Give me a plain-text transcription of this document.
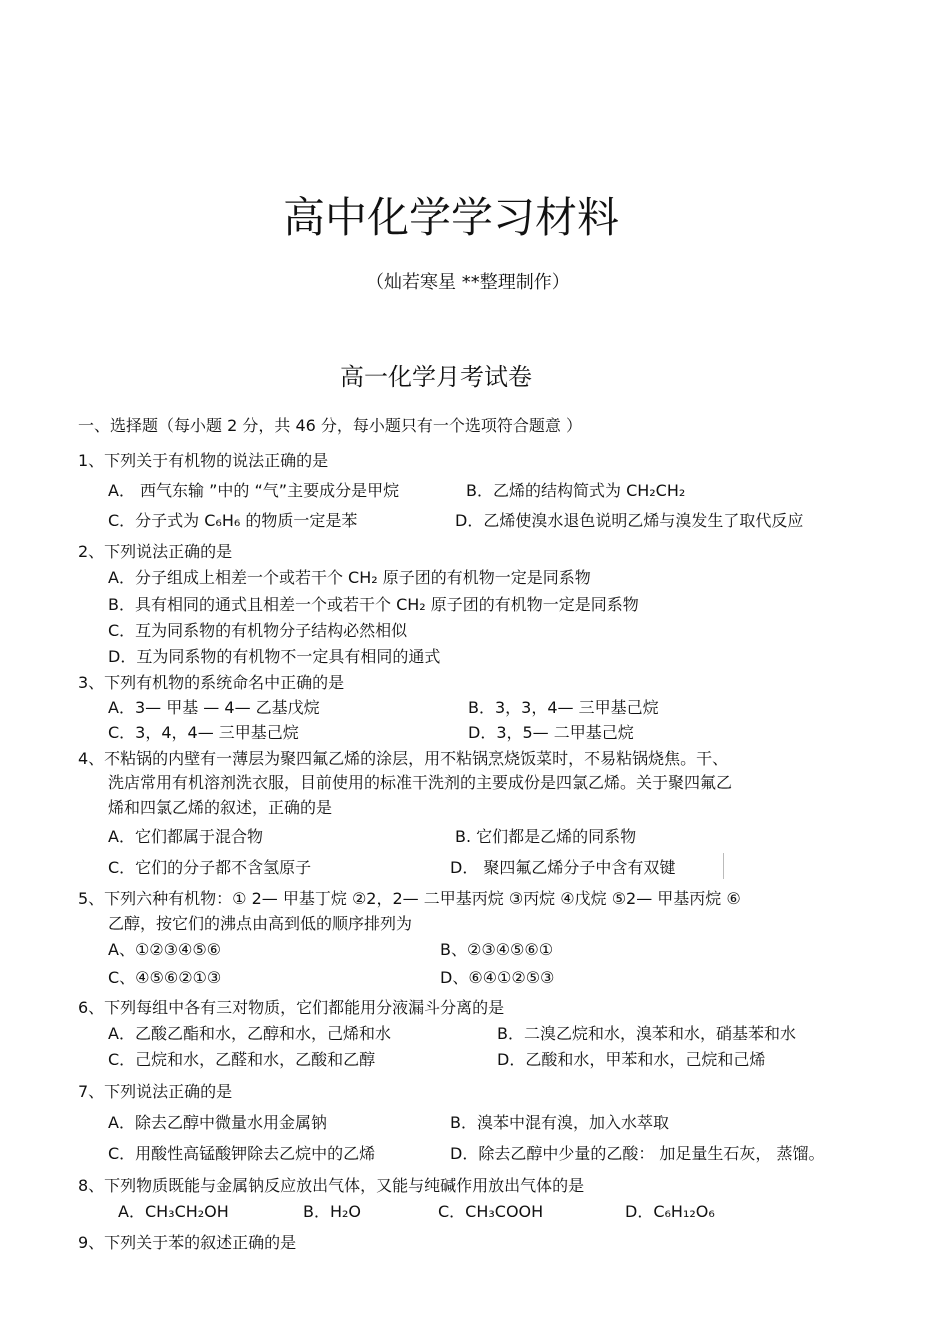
高中化学学习材料
（灿若寒星 **整理制作）
高一化学月考试卷
一、选择题（每小题 2 分，共 46 分，每小题只有一个选项符合题意 ）
1、下列关于有机物的说法正确的是
A． 西气东输 ”中的 “气”主要成分是甲烷	B．乙烯的结构简式为 CH₂CH₂
C．分子式为 C₆H₆ 的物质一定是苯	D．乙烯使溴水退色说明乙烯与溴发生了取代反应
2、下列说法正确的是
A．分子组成上相差一个或若干个 CH₂ 原子团的有机物一定是同系物
B．具有相同的通式且相差一个或若干个 CH₂ 原子团的有机物一定是同系物
C．互为同系物的有机物分子结构必然相似
D．互为同系物的有机物不一定具有相同的通式
3、下列有机物的系统命名中正确的是
A．3— 甲基 — 4— 乙基戊烷	B．3，3，4— 三甲基己烷
C．3，4，4— 三甲基己烷	D．3，5— 二甲基己烷
4、不粘锅的内壁有一薄层为聚四氟乙烯的涂层，用不粘锅烹烧饭菜时，不易粘锅烧焦。干、
洗店常用有机溶剂洗衣服，目前使用的标准干洗剂的主要成份是四氯乙烯。关于聚四氟乙
烯和四氯乙烯的叙述，正确的是
A．它们都属于混合物	B. 它们都是乙烯的同系物
C．它们的分子都不含氢原子	D． 聚四氟乙烯分子中含有双键
5、下列六种有机物：① 2— 甲基丁烷 ②2，2— 二甲基丙烷 ③丙烷 ④戊烷 ⑤2— 甲基丙烷 ⑥
乙醇，按它们的沸点由高到低的顺序排列为
A、①②③④⑤⑥	B、②③④⑤⑥①
C、④⑤⑥②①③	D、⑥④①②⑤③
6、下列每组中各有三对物质，它们都能用分液漏斗分离的是
A．乙酸乙酯和水，乙醇和水，己烯和水	B．二溴乙烷和水，溴苯和水，硝基苯和水
C．己烷和水，乙醛和水，乙酸和乙醇	D．乙酸和水，甲苯和水，己烷和己烯
7、下列说法正确的是
A．除去乙醇中微量水用金属钠	B．溴苯中混有溴，加入水萃取
C．用酸性高锰酸钾除去乙烷中的乙烯	D．除去乙醇中少量的乙酸： 加足量生石灰， 蒸馏。
8、下列物质既能与金属钠反应放出气体，又能与纯碱作用放出气体的是
A．CH₃CH₂OH	B．H₂O	C．CH₃COOH	D．C₆H₁₂O₆
9、下列关于苯的叙述正确的是
